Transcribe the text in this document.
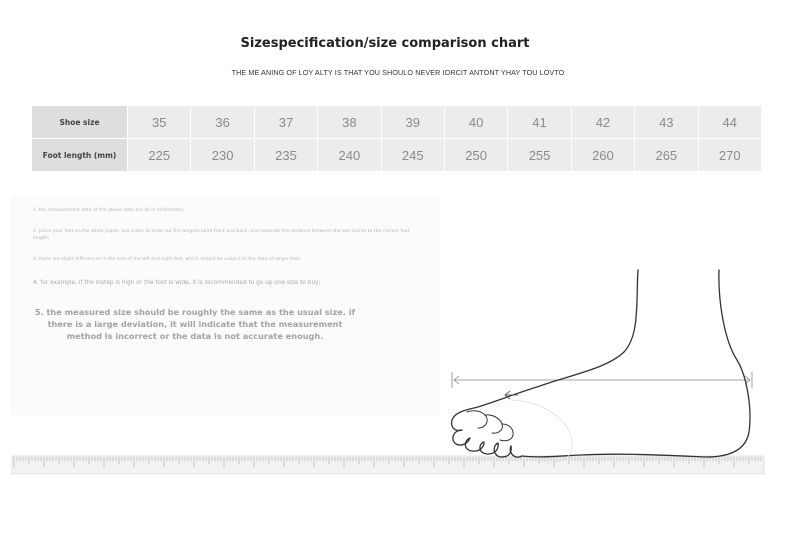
Sizespecification/size comparison chart
THE ME ANING OF LOY ALTY IS THAT YOU SHOULO NEVER IORCIT ANTONT YHAY TOU LOVTO
Shoe size	35	36	37	38	39	40	41	42	43	44
Foot length (mm)	225	230	235	240	245	250	255	260	265	270
1. the measurement data of the above data are all in millimeters;
2. place your feet on the white paper, use a pen to draw out the longest point front and back, and separate the distance between the two points to the correct foot length;
3. there are slight differences in the size of the left and right feet, which should be subject to the data of larger feet;
4. for example, if the instep is high or the foot is wide, it is recommended to go up one size to buy;
5. the measured size should be roughly the same as the usual size. if there is a large deviation, it will indicate that the measurement method is incorrect or the data is not accurate enough.
